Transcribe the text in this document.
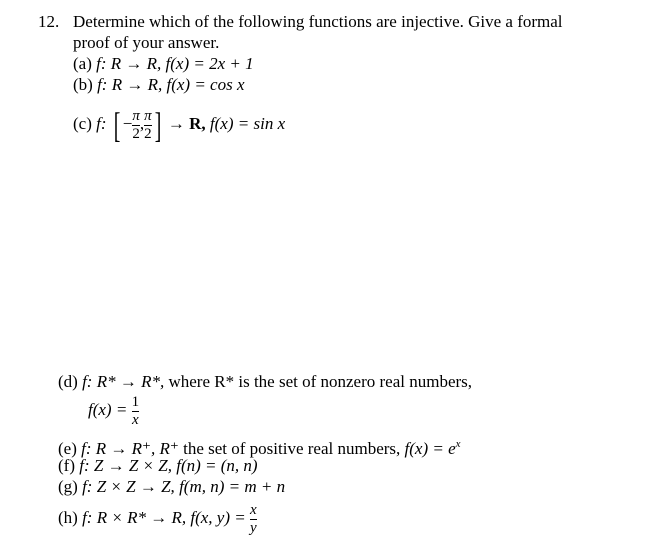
12. Determine which of the following functions are injective. Give a formal
proof of your answer.
(a) f: R → R, f(x) = 2x + 1
(b) f: R → R, f(x) = cos x
(c) f: [ − $\frac{\pi}{2}$ , $\frac{\pi}{2}$ ] → R, f(x) = sin x
(d) f: R* → R*, where R* is the set of nonzero real numbers,
$f(x) = \frac{1}{x}$
(e) f: R → R⁺, R⁺ the set of positive real numbers, $f(x) = e^x$
(f) f: Z → Z × Z, f(n) = (n, n)
(g) f: Z × Z → Z, f(m, n) = m + n
(h) f: R × R* → R, f(x, $y) = \frac{x}{y}$
